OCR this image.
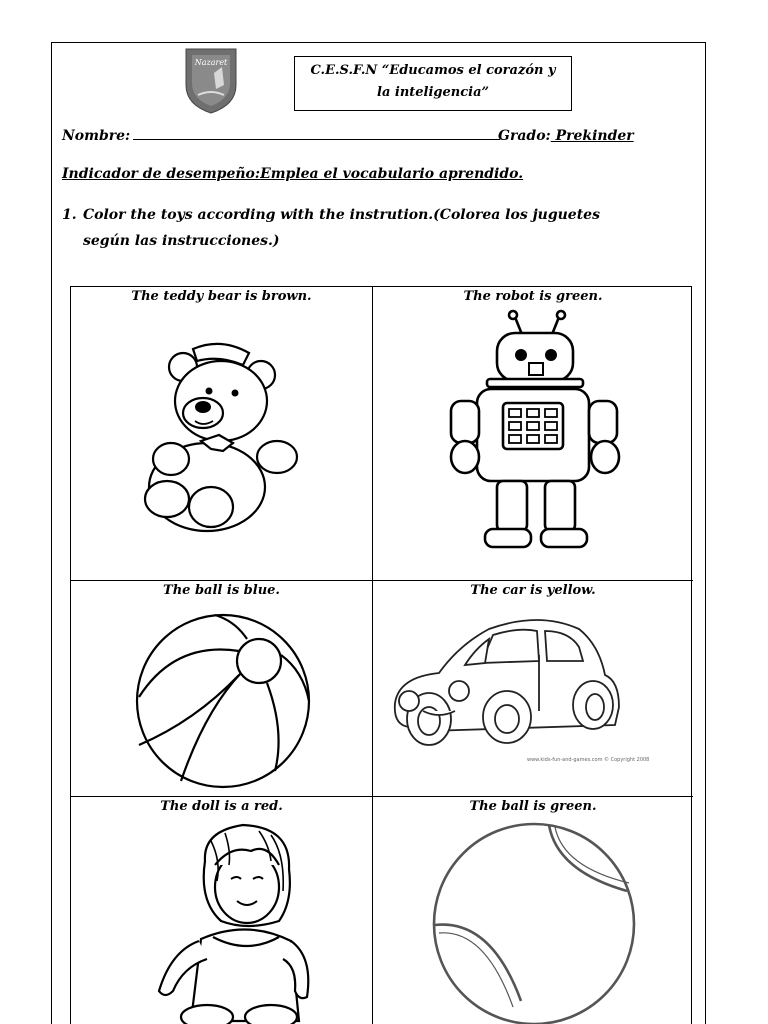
Nazaret
C.E.S.F.N “Educamos el corazón y
la inteligencia”
Nombre:	Grado: Prekinder
Indicador de desempeño:Emplea el vocabulario aprendido.
1. Color the toys according with the instrution.(Colorea los juguetes según las instrucciones.)
The teddy bear is brown.	The robot is green.
The ball is blue.	The car is yellow.
www.kids-fun-and-games.com © Copyright 2008
The doll is a red.	The ball is green.
